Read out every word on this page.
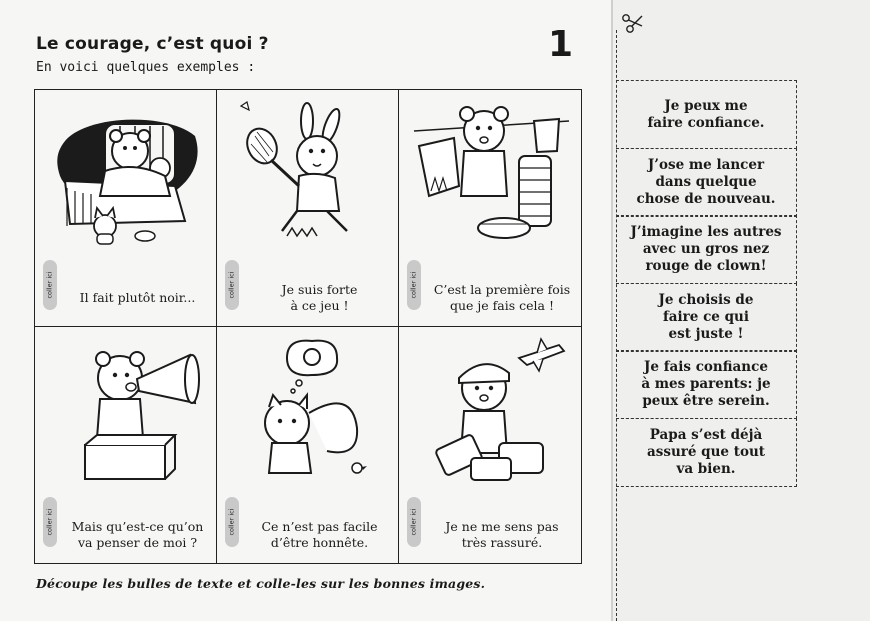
Le courage, c’est quoi ?
En voici quelques exemples :
1
coller ici	Il fait plutôt noir...	coller ici	Je suis forte
à ce jeu !
coller ici	C’est la première fois
que je fais cela !
coller ici	Mais qu’est-ce qu’on
va penser de moi ?
coller ici	Ce n’est pas facile
d’être honnête.
coller ici	Je ne me sens pas
très rassuré.
Découpe les bulles de texte et colle-les sur les bonnes images.
Je peux me
faire confiance.
J’ose me lancer
dans quelque
chose de nouveau.
J’imagine les autres
avec un gros nez
rouge de clown!
Je choisis de
faire ce qui
est juste !
Je fais confiance
à mes parents: je
peux être serein.
Papa s’est déjà
assuré que tout
va bien.
